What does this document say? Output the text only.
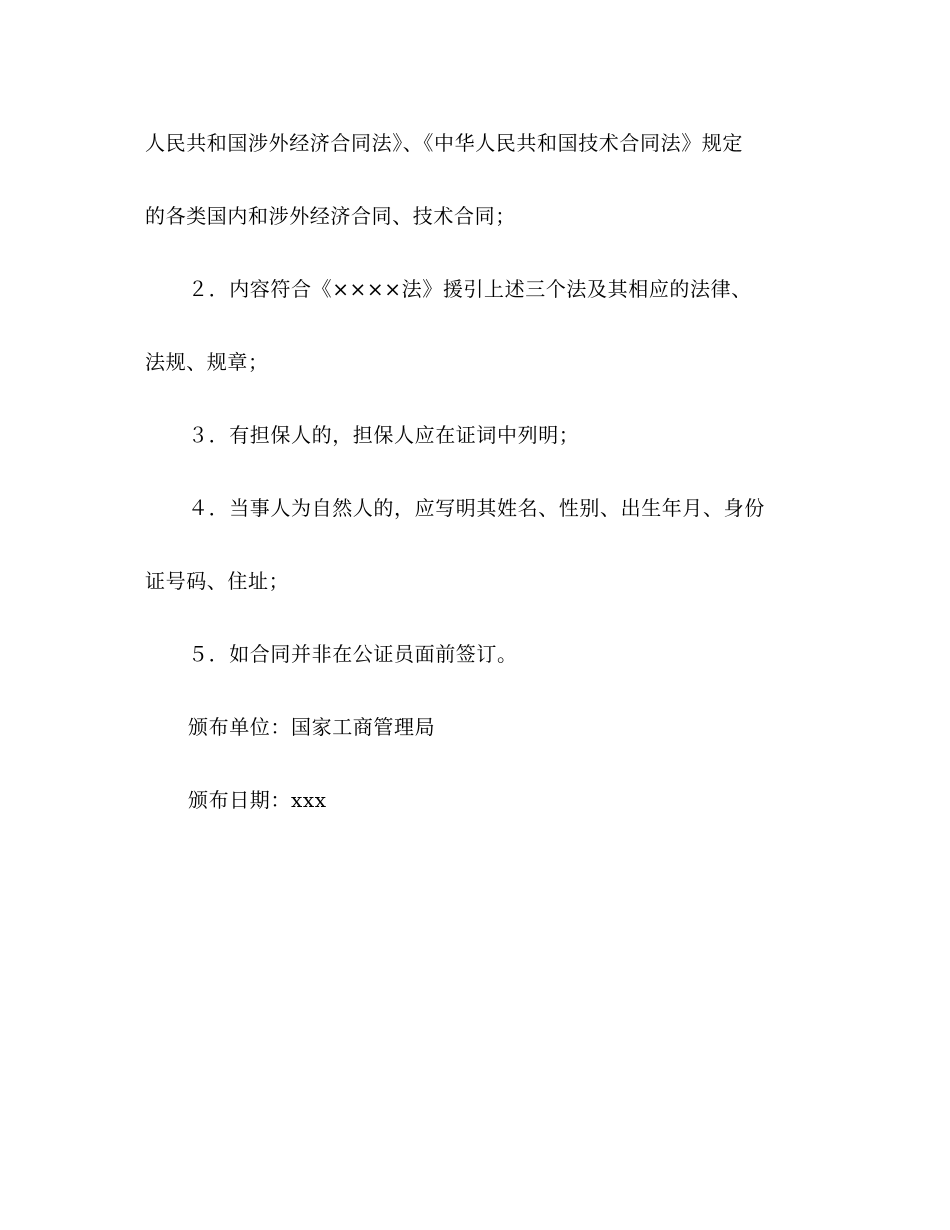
人民共和国涉外经济合同法》、《中华人民共和国技术合同法》规定
的各类国内和涉外经济合同、技术合同；
２．内容符合《××××法》援引上述三个法及其相应的法律、
法规、规章；
３．有担保人的，担保人应在证词中列明；
４．当事人为自然人的，应写明其姓名、性别、出生年月、身份
证号码、住址；
５．如合同并非在公证员面前签订。
颁布单位：国家工商管理局
颁布日期：xxx
